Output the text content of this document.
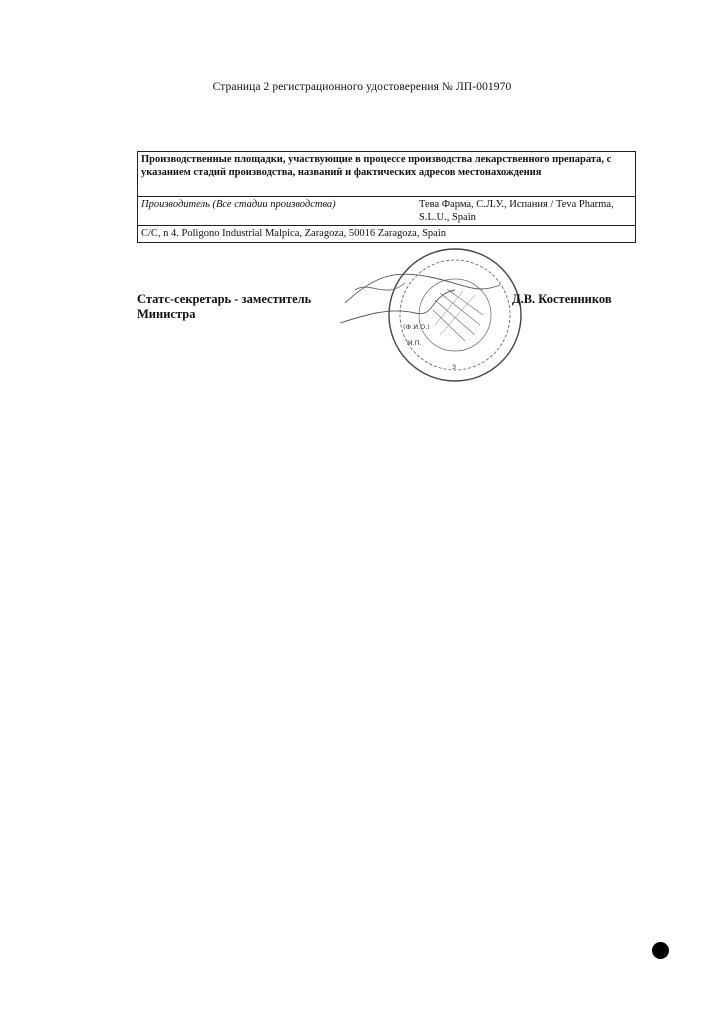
Страница 2 регистрационного удостоверения № ЛП-001970
Производственные площадки, участвующие в процессе производства лекарственного препарата, с указанием стадий производства, названий и фактических адресов местонахождения
Производитель (Все стадии производства)	Тева Фарма, С.Л.У., Испания / Teva Pharma, S.L.U., Spain
C/C, n 4. Poligono Industrial Malpica, Zaragoza, 50016 Zaragoza, Spain
(Ф.И.О.)
М.П.
3
Статс-секретарь - заместитель
Министра
Д.В. Костенников
